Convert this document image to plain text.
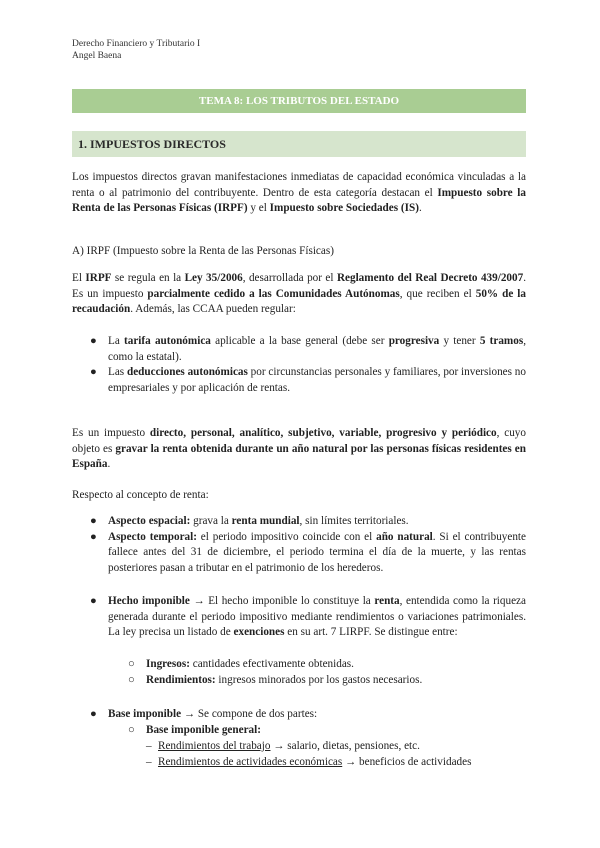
Derecho Financiero y Tributario I
Angel Baena
TEMA 8: LOS TRIBUTOS DEL ESTADO
1. IMPUESTOS DIRECTOS
Los impuestos directos gravan manifestaciones inmediatas de capacidad económica vinculadas a la renta o al patrimonio del contribuyente. Dentro de esta categoría destacan el Impuesto sobre la Renta de las Personas Físicas (IRPF) y el Impuesto sobre Sociedades (IS).
A) IRPF (Impuesto sobre la Renta de las Personas Físicas)
El IRPF se regula en la Ley 35/2006, desarrollada por el Reglamento del Real Decreto 439/2007. Es un impuesto parcialmente cedido a las Comunidades Autónomas, que reciben el 50% de la recaudación. Además, las CCAA pueden regular:
● La tarifa autonómica aplicable a la base general (debe ser progresiva y tener 5 tramos, como la estatal).
● Las deducciones autonómicas por circunstancias personales y familiares, por inversiones no empresariales y por aplicación de rentas.
Es un impuesto directo, personal, analítico, subjetivo, variable, progresivo y periódico, cuyo objeto es gravar la renta obtenida durante un año natural por las personas físicas residentes en España.
Respecto al concepto de renta:
● Aspecto espacial: grava la renta mundial, sin límites territoriales.
● Aspecto temporal: el periodo impositivo coincide con el año natural. Si el contribuyente fallece antes del 31 de diciembre, el periodo termina el día de la muerte, y las rentas posteriores pasan a tributar en el patrimonio de los herederos.
● Hecho imponible → El hecho imponible lo constituye la renta, entendida como la riqueza generada durante el periodo impositivo mediante rendimientos o variaciones patrimoniales. La ley precisa un listado de exenciones en su art. 7 LIRPF. Se distingue entre:
○ Ingresos: cantidades efectivamente obtenidas.
○ Rendimientos: ingresos minorados por los gastos necesarios.
● Base imponible → Se compone de dos partes:
○ Base imponible general:
– Rendimientos del trabajo → salario, dietas, pensiones, etc.
– Rendimientos de actividades económicas → beneficios de actividades
